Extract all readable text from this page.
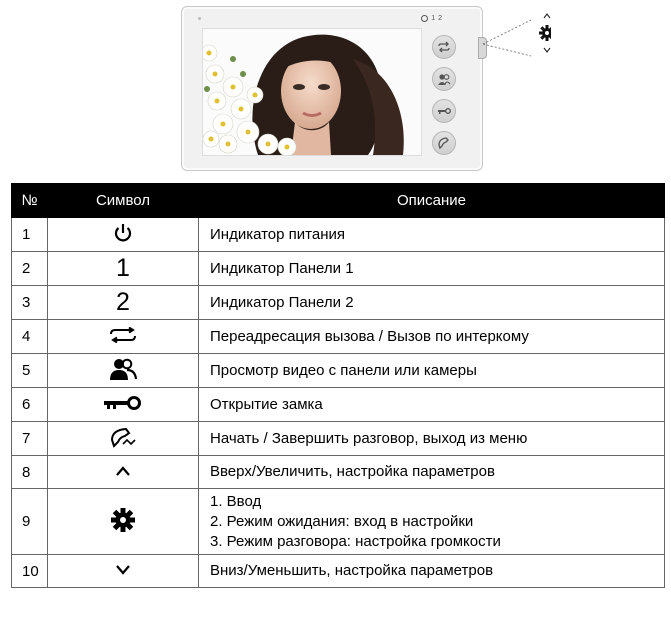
1 2
№	Символ	Описание
1		Индикатор питания

2	1	Индикатор Панели 1

3	2	Индикатор Панели 2

4		Переадресация вызова / Вызов по интеркому

5		Просмотр видео с панели или камеры

6		Открытие замка

7		Начать / Завершить разговор, выход из меню

8		Вверх/Увеличить, настройка параметров

9		1. Ввод
2. Режим ожидания: вход в настройки
3. Режим разговора: настройка громкости

10		Вниз/Уменьшить, настройка параметров
